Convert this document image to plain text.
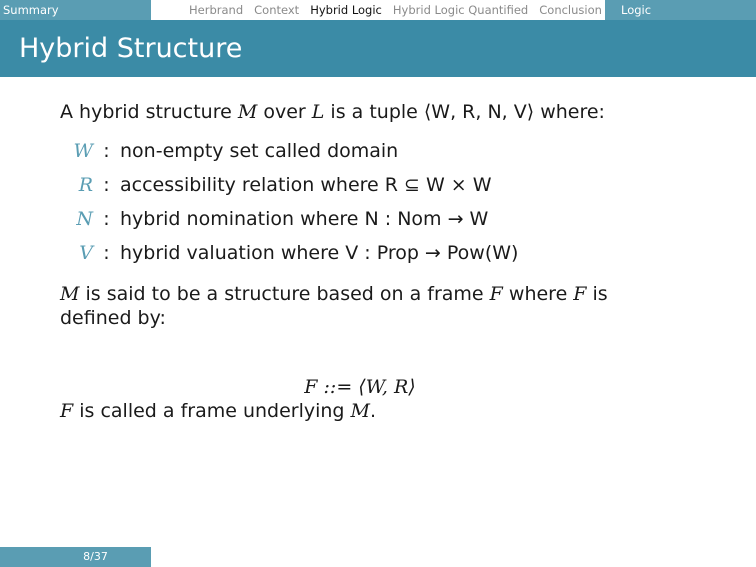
Summary	Herbrand Context Hybrid Logic Hybrid Logic Quantified Conclusion	Logic
Hybrid Structure

A hybrid structure M over L is a tuple ⟨W, R, N, V⟩ where:

W : non-empty set called domain
R : accessibility relation where R ⊆ W × W
N : hybrid nomination where N : Nom → W
V : hybrid valuation where V : Prop → Pow(W)

M is said to be a structure based on a frame F where F is defined by:

F ::= ⟨W, R⟩

F is called a frame underlying M.

8/37
